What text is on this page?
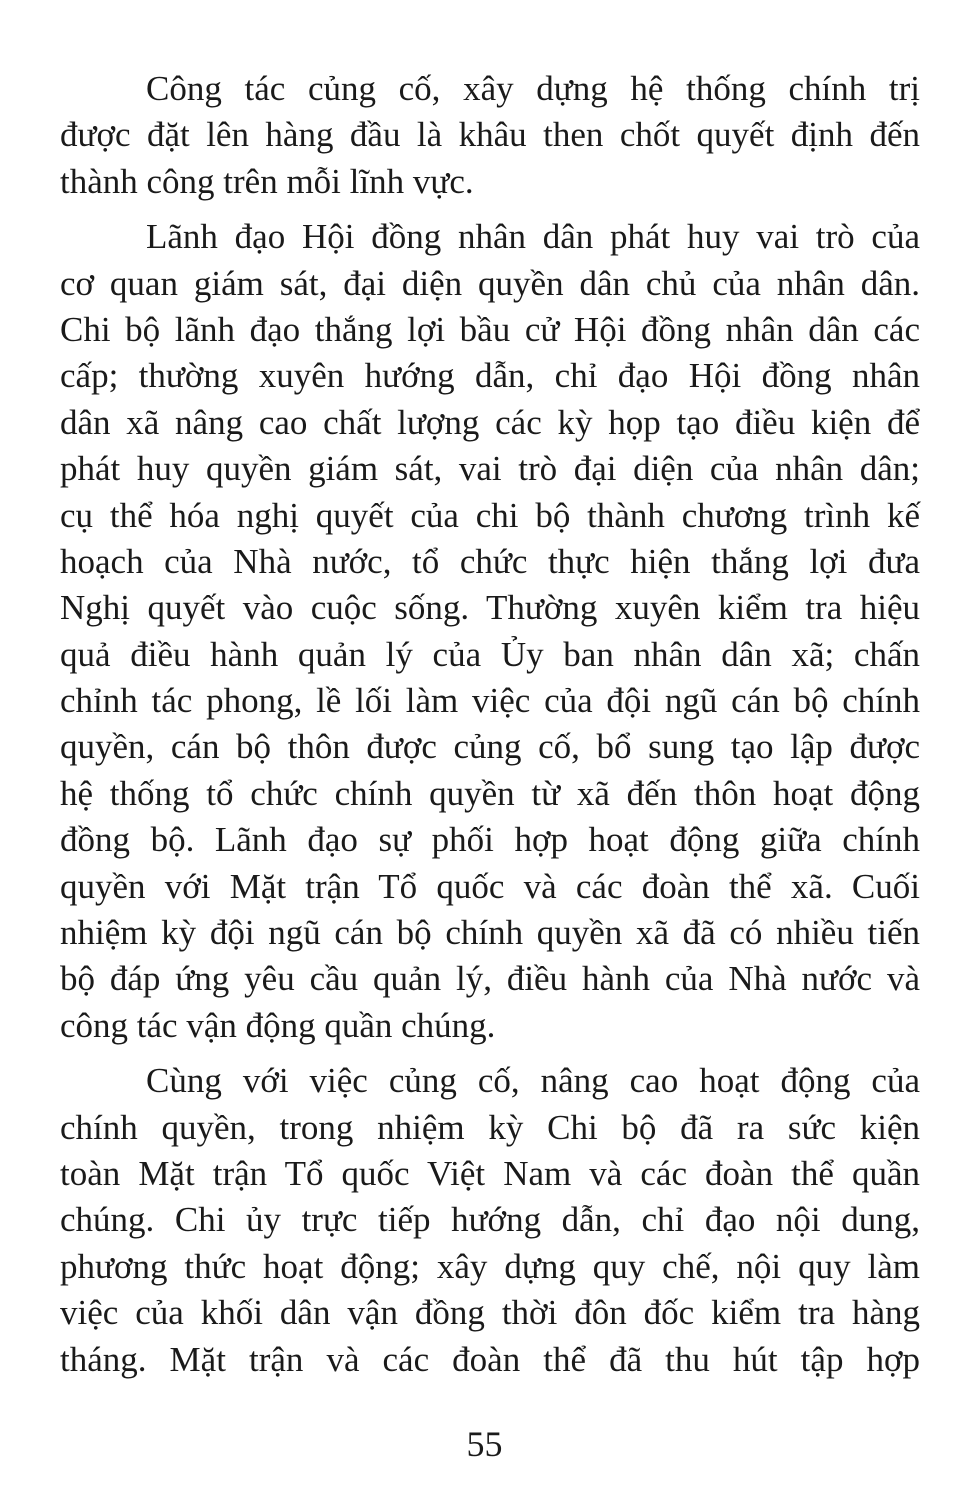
Công tác củng cố, xây dựng hệ thống chính trị
được đặt lên hàng đầu là khâu then chốt quyết định đến
thành công trên mỗi lĩnh vực.

Lãnh đạo Hội đồng nhân dân phát huy vai trò của
cơ quan giám sát, đại diện quyền dân chủ của nhân dân.
Chi bộ lãnh đạo thắng lợi bầu cử Hội đồng nhân dân các
cấp; thường xuyên hướng dẫn, chỉ đạo Hội đồng nhân
dân xã nâng cao chất lượng các kỳ họp tạo điều kiện để
phát huy quyền giám sát, vai trò đại diện của nhân dân;
cụ thể hóa nghị quyết của chi bộ thành chương trình kế
hoạch của Nhà nước, tổ chức thực hiện thắng lợi đưa
Nghị quyết vào cuộc sống. Thường xuyên kiểm tra hiệu
quả điều hành quản lý của Ủy ban nhân dân xã; chấn
chỉnh tác phong, lề lối làm việc của đội ngũ cán bộ chính
quyền, cán bộ thôn được củng cố, bổ sung tạo lập được
hệ thống tổ chức chính quyền từ xã đến thôn hoạt động
đồng bộ. Lãnh đạo sự phối hợp hoạt động giữa chính
quyền với Mặt trận Tổ quốc và các đoàn thể xã. Cuối
nhiệm kỳ đội ngũ cán bộ chính quyền xã đã có nhiều tiến
bộ đáp ứng yêu cầu quản lý, điều hành của Nhà nước và
công tác vận động quần chúng.

Cùng với việc củng cố, nâng cao hoạt động của
chính quyền, trong nhiệm kỳ Chi bộ đã ra sức kiện
toàn Mặt trận Tổ quốc Việt Nam và các đoàn thể quần
chúng. Chi ủy trực tiếp hướng dẫn, chỉ đạo nội dung,
phương thức hoạt động; xây dựng quy chế, nội quy làm
việc của khối dân vận đồng thời đôn đốc kiểm tra hàng
tháng. Mặt trận và các đoàn thể đã thu hút tập hợp

55
